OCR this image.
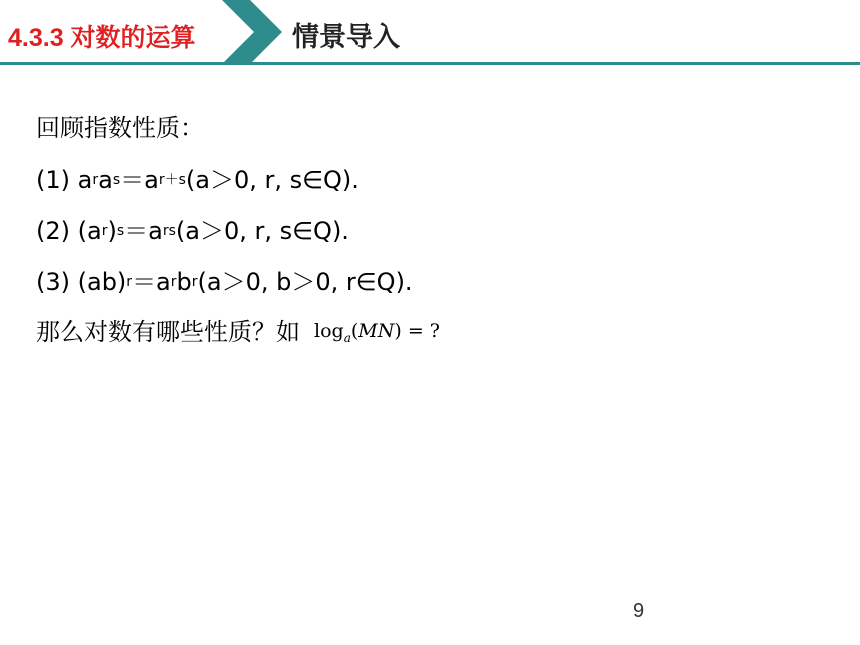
4.3.3 对数的运算	情景导入
回顾指数性质：
(1) $a^ra^s=a^{r+s}(a>0$, r, s∈Q).
(2) $(a^r)^s=a^{rs}(a>0$, r, s∈Q).
(3) $(ab)^r=a^rb^r(a>0$, b＞0, r∈Q).
那么对数有哪些性质？如 $\log_a(MN)$ = ?
9
